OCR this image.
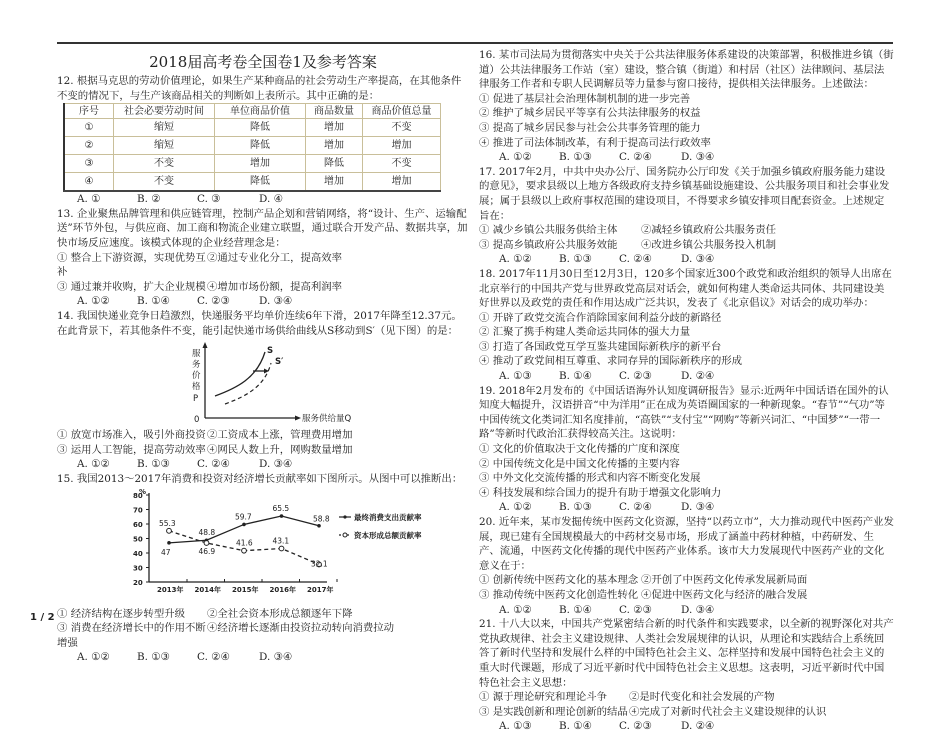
2018届高考卷全国卷1及参考答案

12. 根据马克思的劳动价值理论，如果生产某种商品的社会劳动生产率提高，在其他条件不变的情况下，与生产该商品相关的判断如上表所示。其中正确的是：

序号	社会必要劳动时间	单位商品价值	商品数量	商品价值总量
①	缩短	降低	增加	不变
②	缩短	降低	增加	增加
③	不变	增加	降低	不变
④	不变	降低	增加	增加
A. ①	B. ②	C. ③	D. ④

13. 企业聚焦品牌管理和供应链管理，控制产品企划和营销网络，将“设计、生产、运输配送”环节外包，与供应商、加工商和物流企业建立联盟，通过联合开发产品、数据共享，加快市场反应速度。该模式体现的企业经营理念是：

① 整合上下游资源，实现优势互补
②通过专业化分工，提高效率
③ 通过兼并收购，扩大企业规模 ④增加市场份额，提高利润率
A. ①②	B. ①④	C. ②③	D. ③④

14. 我国快递业竞争日趋激烈，快递服务平均单价连续6年下滑，2017年降至12.37元。在此背景下，若其他条件不变，能引起快递市场供给曲线从S移动到S′（见下图）的是：

服
务
价
格
P
0	服务供给量Q
S
S′
① 放宽市场准入，吸引外商投资 ②工资成本上涨，管理费用增加
③ 运用人工智能，提高劳动效率 ④网民人数上升，网购数量增加
A. ①②	B. ①③	C. ②④	D. ③④

15. 我国2013～2017年消费和投资对经济增长贡献率如下图所示。从图中可以推断出：

%
20
30
40
50
60
70
80
2013年 2014年 2015年 2016年 2017年
47
48.8
59.7
65.5
58.8
55.3
46.9
41.6	43.1
32.1
最终消费支出贡献率
资本形成总额贡献率
① 经济结构在逐步转型升级	②全社会资本形成总额逐年下降
③ 消费在经济增长中的作用不断增强
④经济增长逐渐由投资拉动转向消费拉动
A. ①②	B. ①③	C. ②④	D. ③④

16. 某市司法局为贯彻落实中央关于公共法律服务体系建设的决策部署，积极推进乡镇（街道）公共法律服务工作站（室）建设，整合镇（街道）和村居（社区）法律顾问、基层法律服务工作者和专职人民调解员等力量参与窗口接待，提供相关法律服务。上述做法：

① 促进了基层社会治理体制机制的进一步完善

② 维护了城乡居民平等享有公共法律服务的权益

③ 提高了城乡居民参与社会公共事务管理的能力

④ 推进了司法体制改革，有利于提高司法行政效率

A. ①②	B. ①③	C. ②④	D. ③④

17. 2017年2月，中共中央办公厅、国务院办公厅印发《关于加强乡镇政府服务能力建设的意见》，要求县级以上地方各级政府支持乡镇基础设施建设、公共服务项目和社会事业发展；属于县级以上政府事权范围的建设项目，不得要求乡镇安排项目配套资金。上述规定旨在：

① 减少乡镇公共服务供给主体	②减轻乡镇政府公共服务责任
③ 提高乡镇政府公共服务效能	④改进乡镇公共服务投入机制
A. ①②	B. ①③	C. ②④	D. ③④

18. 2017年11月30日至12月3日，120多个国家近300个政党和政治组织的领导人出席在北京举行的中国共产党与世界政党高层对话会，就如何构建人类命运共同体、共同建设美好世界以及政党的责任和作用达成广泛共识，发表了《北京倡议》对话会的成功举办：

① 开辟了政党交流合作消除国家间利益分歧的新路径

② 汇聚了携手构建人类命运共同体的强大力量

③ 打造了各国政党互学互鉴共建国际新秩序的新平台

④ 推动了政党间相互尊重、求同存异的国际新秩序的形成

A. ①③	B. ①④	C. ②③	D. ②④

19. 2018年2月发布的《中国话语海外认知度调研报告》显示:近两年中国话语在国外的认知度大幅提升，汉语拼音“中为洋用”正在成为英语圈国家的一种新现象。“春节”“气功”等中国传统文化类词汇知名度排前，“高铁”“支付宝”“网购”等新兴词汇、“中国梦”“一带一路”等新时代政治汇获得较高关注。这说明：

① 文化的价值取决于文化传播的广度和深度

② 中国传统文化是中国文化传播的主要内容

③ 中外文化交流传播的形式和内容不断变化发展

④ 科技发展和综合国力的提升有助于增强文化影响力

A. ①②	B. ①③	C. ②④	D. ③④

20. 近年来，某市发掘传统中医药文化资源，坚持“以药立市”，大力推动现代中医药产业发展，现已建有全国规模最大的中药材交易市场，形成了涵盖中药材种植，中药研发、生产、流通，中医药文化传播的现代中医药产业体系。该市大力发展现代中医药产业的文化意义在于：

① 创新传统中医药文化的基本理念 ②开创了中医药文化传承发展新局面
③ 推动传统中医药文化创造性转化 ④促进中医药文化与经济的融合发展
A. ①②	B. ①④	C. ②③	D. ③④

21. 十八大以来，中国共产党紧密结合新的时代条件和实践要求，以全新的视野深化对共产党执政规律、社会主义建设规律、人类社会发展规律的认识，从理论和实践结合上系统回答了新时代坚持和发展什么样的中国特色社会主义、怎样坚持和发展中国特色社会主义的重大时代课题，形成了习近平新时代中国特色社会主义思想。这表明，习近平新时代中国特色社会主义思想：

① 源于理论研究和理论斗争	②是时代变化和社会发展的产物
③ 是实践创新和理论创新的结晶 ④完成了对新时代社会主义建设规律的认识
A. ①③	B. ①④	C. ②③	D. ②④
1 / 2
